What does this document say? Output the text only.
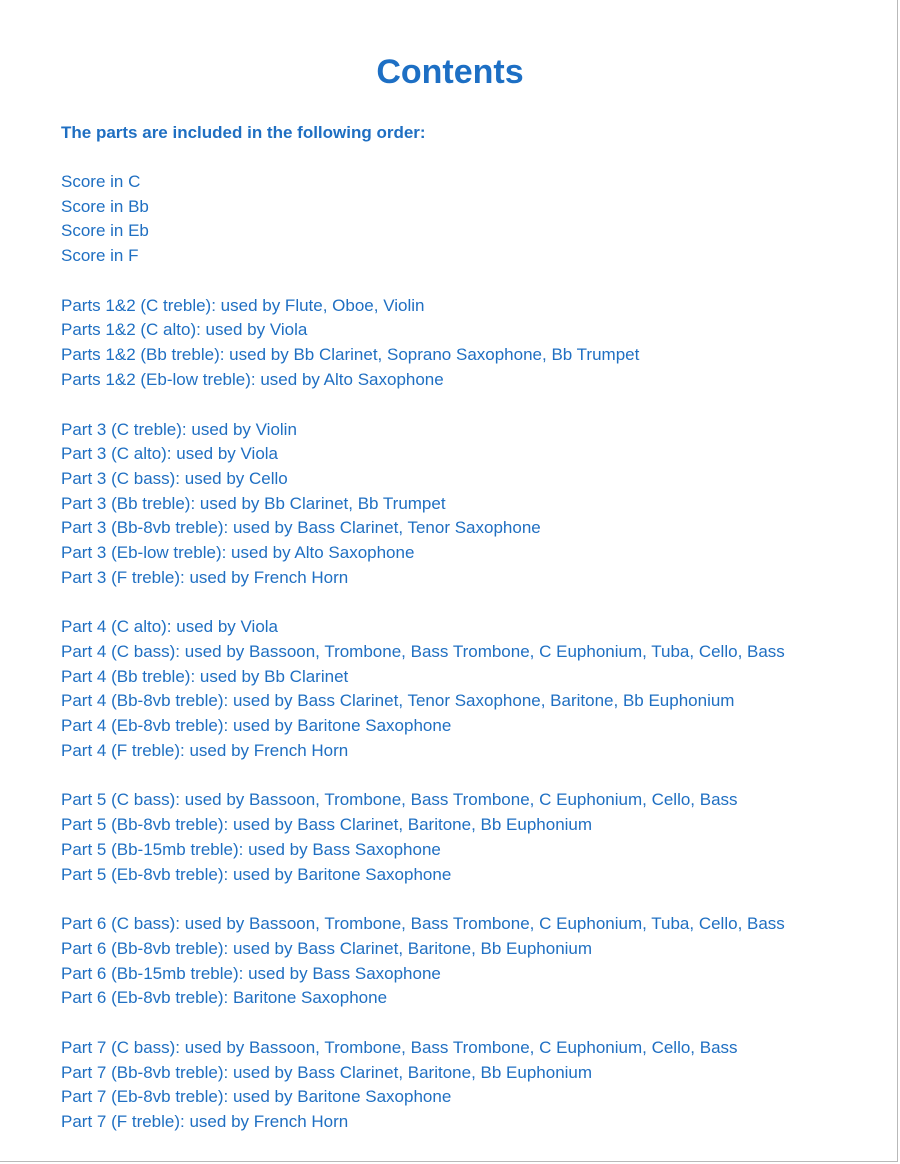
Contents

The parts are included in the following order:

Score in C
Score in Bb
Score in Eb
Score in F
Parts 1&2 (C treble): used by Flute, Oboe, Violin
Parts 1&2 (C alto): used by Viola
Parts 1&2 (Bb treble): used by Bb Clarinet, Soprano Saxophone, Bb Trumpet
Parts 1&2 (Eb-low treble): used by Alto Saxophone
Part 3 (C treble): used by Violin
Part 3 (C alto): used by Viola
Part 3 (C bass): used by Cello
Part 3 (Bb treble): used by Bb Clarinet, Bb Trumpet
Part 3 (Bb-8vb treble): used by Bass Clarinet, Tenor Saxophone
Part 3 (Eb-low treble): used by Alto Saxophone
Part 3 (F treble): used by French Horn
Part 4 (C alto): used by Viola
Part 4 (C bass): used by Bassoon, Trombone, Bass Trombone, C Euphonium, Tuba, Cello, Bass
Part 4 (Bb treble): used by Bb Clarinet
Part 4 (Bb-8vb treble): used by Bass Clarinet, Tenor Saxophone, Baritone, Bb Euphonium
Part 4 (Eb-8vb treble): used by Baritone Saxophone
Part 4 (F treble): used by French Horn
Part 5 (C bass): used by Bassoon, Trombone, Bass Trombone, C Euphonium, Cello, Bass
Part 5 (Bb-8vb treble): used by Bass Clarinet, Baritone, Bb Euphonium
Part 5 (Bb-15mb treble): used by Bass Saxophone
Part 5 (Eb-8vb treble): used by Baritone Saxophone
Part 6 (C bass): used by Bassoon, Trombone, Bass Trombone, C Euphonium, Tuba, Cello, Bass
Part 6 (Bb-8vb treble): used by Bass Clarinet, Baritone, Bb Euphonium
Part 6 (Bb-15mb treble): used by Bass Saxophone
Part 6 (Eb-8vb treble): Baritone Saxophone
Part 7 (C bass): used by Bassoon, Trombone, Bass Trombone, C Euphonium, Cello, Bass
Part 7 (Bb-8vb treble): used by Bass Clarinet, Baritone, Bb Euphonium
Part 7 (Eb-8vb treble): used by Baritone Saxophone
Part 7 (F treble): used by French Horn
